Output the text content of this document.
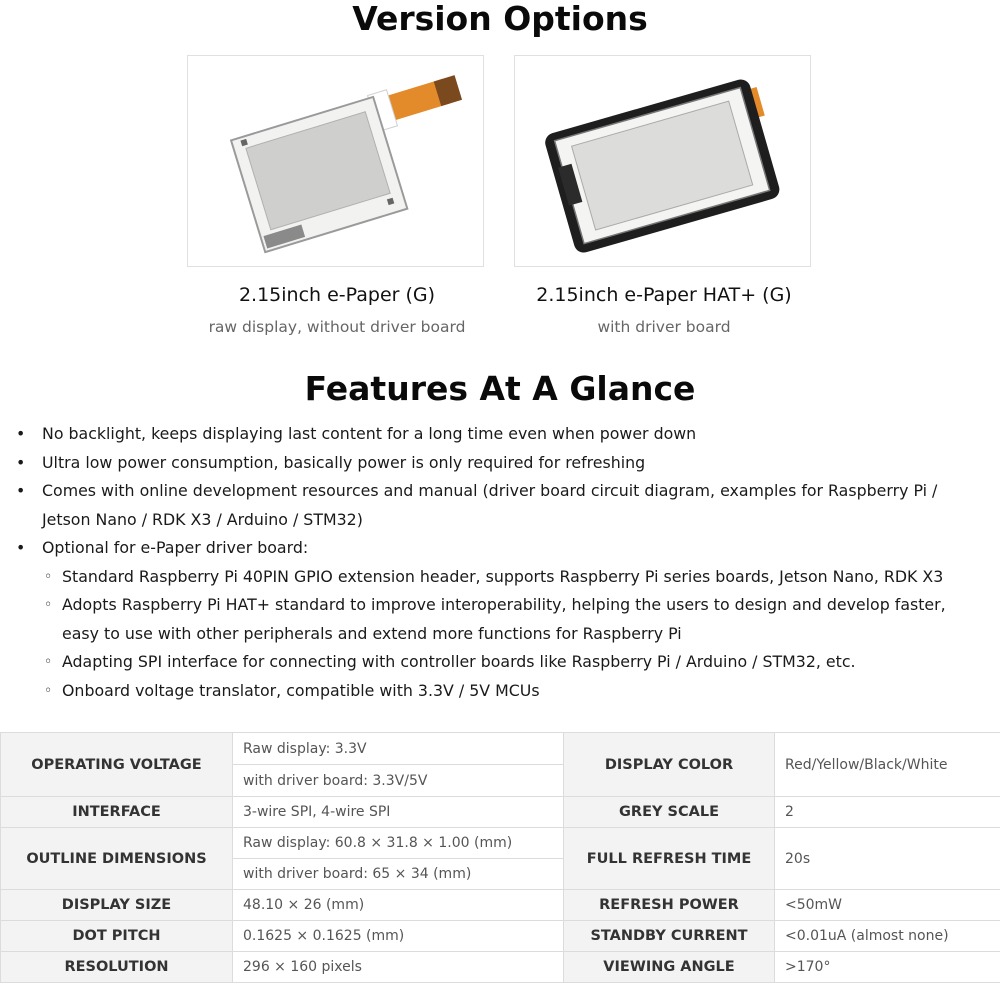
Version Options
2.15inch e-Paper (G)
raw display, without driver board
2.15inch e-Paper HAT+ (G)
with driver board
Features At A Glance
• No backlight, keeps displaying last content for a long time even when power down
• Ultra low power consumption, basically power is only required for refreshing
• Comes with online development resources and manual (driver board circuit diagram, examples for Raspberry Pi / Jetson Nano / RDK X3 / Arduino / STM32)
• Optional for e-Paper driver board:
◦ Standard Raspberry Pi 40PIN GPIO extension header, supports Raspberry Pi series boards, Jetson Nano, RDK X3
◦ Adopts Raspberry Pi HAT+ standard to improve interoperability, helping the users to design and develop faster, easy to use with other peripherals and extend more functions for Raspberry Pi
◦ Adapting SPI interface for connecting with controller boards like Raspberry Pi / Arduino / STM32, etc.
◦ Onboard voltage translator, compatible with 3.3V / 5V MCUs
OPERATING VOLTAGE	Raw display: 3.3V	DISPLAY COLOR	Red/Yellow/Black/White
	with driver board: 3.3V/5V		
INTERFACE	3-wire SPI, 4-wire SPI	GREY SCALE	2
OUTLINE DIMENSIONS	Raw display: 60.8 × 31.8 × 1.00 (mm)	FULL REFRESH TIME	20s
	with driver board: 65 × 34 (mm)		
DISPLAY SIZE	48.10 × 26 (mm)	REFRESH POWER	<50mW
DOT PITCH	0.1625 × 0.1625 (mm)	STANDBY CURRENT	<0.01uA (almost none)
RESOLUTION	296 × 160 pixels	VIEWING ANGLE	>170°
